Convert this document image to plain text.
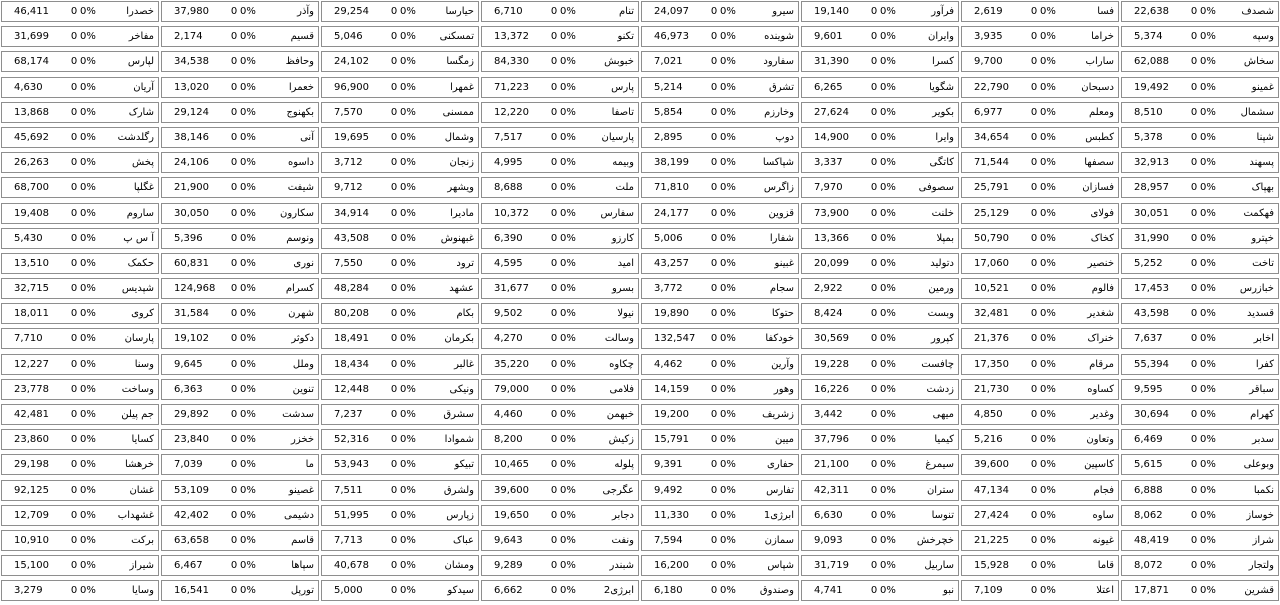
شصدف
0%
0
22,638
فسا
0%
0
2,619
فرآور
0%
0
19,140
سیرو
0%
0
24,097
تنام
0%
0
6,710
حیارسا
0%
0
29,254
وآذر
0%
0
37,980
خصدرا
0%
0
46,411
وسپه
0%
0
5,374
خراما
0%
0
3,935
وایران
0%
0
9,601
شوینده
0%
0
46,973
تکنو
0%
0
13,372
تمسکنی
0%
0
5,046
قسیم
0%
0
2,174
مفاخر
0%
0
31,699
سخاش
0%
0
62,088
ساراب
0%
0
9,700
کسرا
0%
0
31,390
سفارود
0%
0
7,021
خبوبش
0%
0
84,330
زمگسا
0%
0
24,102
وحافظ
0%
0
34,538
لپارس
0%
0
68,174
غمینو
0%
0
19,492
دسبحان
0%
0
22,790
شگویا
0%
0
6,265
تشرق
0%
0
5,214
پارس
0%
0
71,223
غمهرا
0%
0
96,900
خعمرا
0%
0
13,020
آریان
0%
0
4,630
سشمال
0%
0
8,510
ومعلم
0%
0
6,977
بکویر
0%
0
27,624
وخارزم
0%
0
5,854
تاصفا
0%
0
12,220
ممسنی
0%
0
7,570
بکهنوج
0%
0
29,124
شارک
0%
0
13,868
شپنا
0%
0
5,378
کطبس
0%
0
34,654
وایرا
0%
0
14,900
دوپ
0%
0
2,895
پارسیان
0%
0
7,517
وشمال
0%
0
19,695
آنی
0%
0
38,146
رگلدشت
0%
0
45,692
پسهند
0%
0
32,913
سصفها
0%
0
71,544
کاتگی
0%
0
3,337
شپاکسا
0%
0
38,199
وبیمه
0%
0
4,995
زنجان
0%
0
3,712
داسوه
0%
0
24,106
پخش
0%
0
26,263
بهپاک
0%
0
28,957
فسازان
0%
0
25,791
سصوفی
0%
0
7,970
زاگرس
0%
0
71,810
ملت
0%
0
8,688
ویشهر
0%
0
9,712
شیفت
0%
0
21,900
غگلپا
0%
0
68,700
فهکمت
0%
0
30,051
فولای
0%
0
25,129
خلنت
0%
0
73,900
قزوین
0%
0
24,177
سفارس
0%
0
10,372
مادیرا
0%
0
34,914
سکارون
0%
0
30,050
ساروم
0%
0
19,408
خپترو
0%
0
31,990
کخاک
0%
0
50,790
بمپلا
0%
0
13,366
شفارا
0%
0
5,006
کارزو
0%
0
6,390
غبهنوش
0%
0
43,508
ونوسم
0%
0
5,396
آ س پ
0%
0
5,430
تاخت
0%
0
5,252
خنصیر
0%
0
17,060
دتولید
0%
0
20,099
غبینو
0%
0
43,257
امید
0%
0
4,595
ترود
0%
0
7,550
نوری
0%
0
60,831
حکمک
0%
0
13,510
خبازرس
0%
0
17,453
فالوم
0%
0
10,521
ورمین
0%
0
2,922
سجام
0%
0
3,772
بسرو
0%
0
31,677
عشهد
0%
0
48,284
کسرام
0%
0
124,968
شپدیس
0%
0
32,715
قسدید
0%
0
43,598
شغدیر
0%
0
32,481
وبست
0%
0
8,424
حتوکا
0%
0
19,890
نیولا
0%
0
9,502
بکام
0%
0
80,208
شهرن
0%
0
31,584
کروی
0%
0
18,011
اخابر
0%
0
7,637
خنراک
0%
0
21,376
کپرور
0%
0
30,569
خودکفا
0%
0
132,547
وسالت
0%
0
4,270
بکرمان
0%
0
18,491
دکوثر
0%
0
19,102
پارسان
0%
0
7,710
کفرا
0%
0
55,394
مرقام
0%
0
17,350
چافست
0%
0
19,228
وآرین
0%
0
4,462
چکاوه
0%
0
35,220
غالبر
0%
0
18,434
وملل
0%
0
9,645
وسنا
0%
0
12,227
سباقر
0%
0
9,595
کساوه
0%
0
21,730
زدشت
0%
0
16,226
وهور
0%
0
14,159
فلامی
0%
0
79,000
ونیکی
0%
0
12,448
تنوین
0%
0
6,363
وساخت
0%
0
23,778
کهرام
0%
0
30,694
وغدیر
0%
0
4,850
میهی
0%
0
3,442
زشریف
0%
0
19,200
خبهمن
0%
0
4,460
سشرق
0%
0
7,237
سدشت
0%
0
29,892
جم پیلن
0%
0
42,481
سدبر
0%
0
6,469
وتعاون
0%
0
5,216
کیمیا
0%
0
37,796
میین
0%
0
15,791
زکیش
0%
0
8,200
شموادا
0%
0
52,316
خخزر
0%
0
23,840
کسایا
0%
0
23,860
وبوعلی
0%
0
5,615
کاسپین
0%
0
39,600
سیمرغ
0%
0
21,100
حفاری
0%
0
9,391
پلوله
0%
0
10,465
تبیکو
0%
0
53,943
ما
0%
0
7,039
خرهشا
0%
0
29,198
نکمبا
0%
0
6,888
فجام
0%
0
47,134
ستران
0%
0
42,311
تفارس
0%
0
9,492
عگرجی
0%
0
39,600
ولشرق
0%
0
7,511
غصینو
0%
0
53,109
غشان
0%
0
92,125
خوساز
0%
0
8,062
ساوه
0%
0
27,424
تنوسا
0%
0
6,630
ابرژی1
0%
0
11,330
دجابر
0%
0
19,650
زپارس
0%
0
51,995
دشیمی
0%
0
42,402
غشهداب
0%
0
12,709
شراز
0%
0
48,419
غیونه
0%
0
21,225
خچرخش
0%
0
9,093
سمازن
0%
0
7,594
ونفت
0%
0
9,643
عباک
0%
0
7,713
قاسم
0%
0
63,658
برکت
0%
0
10,910
ولتجار
0%
0
8,072
قاما
0%
0
15,928
ساربیل
0%
0
31,719
شپاس
0%
0
16,200
شبندر
0%
0
9,289
ومشان
0%
0
40,678
سپاها
0%
0
6,467
شیراز
0%
0
15,100
قشرین
0%
0
17,871
اعتلا
0%
0
7,109
نبو
0%
0
4,741
وصندوق
0%
0
6,180
ابرژی2
0%
0
6,662
سیدکو
0%
0
5,000
تورپل
0%
0
16,541
وسایا
0%
0
3,279
